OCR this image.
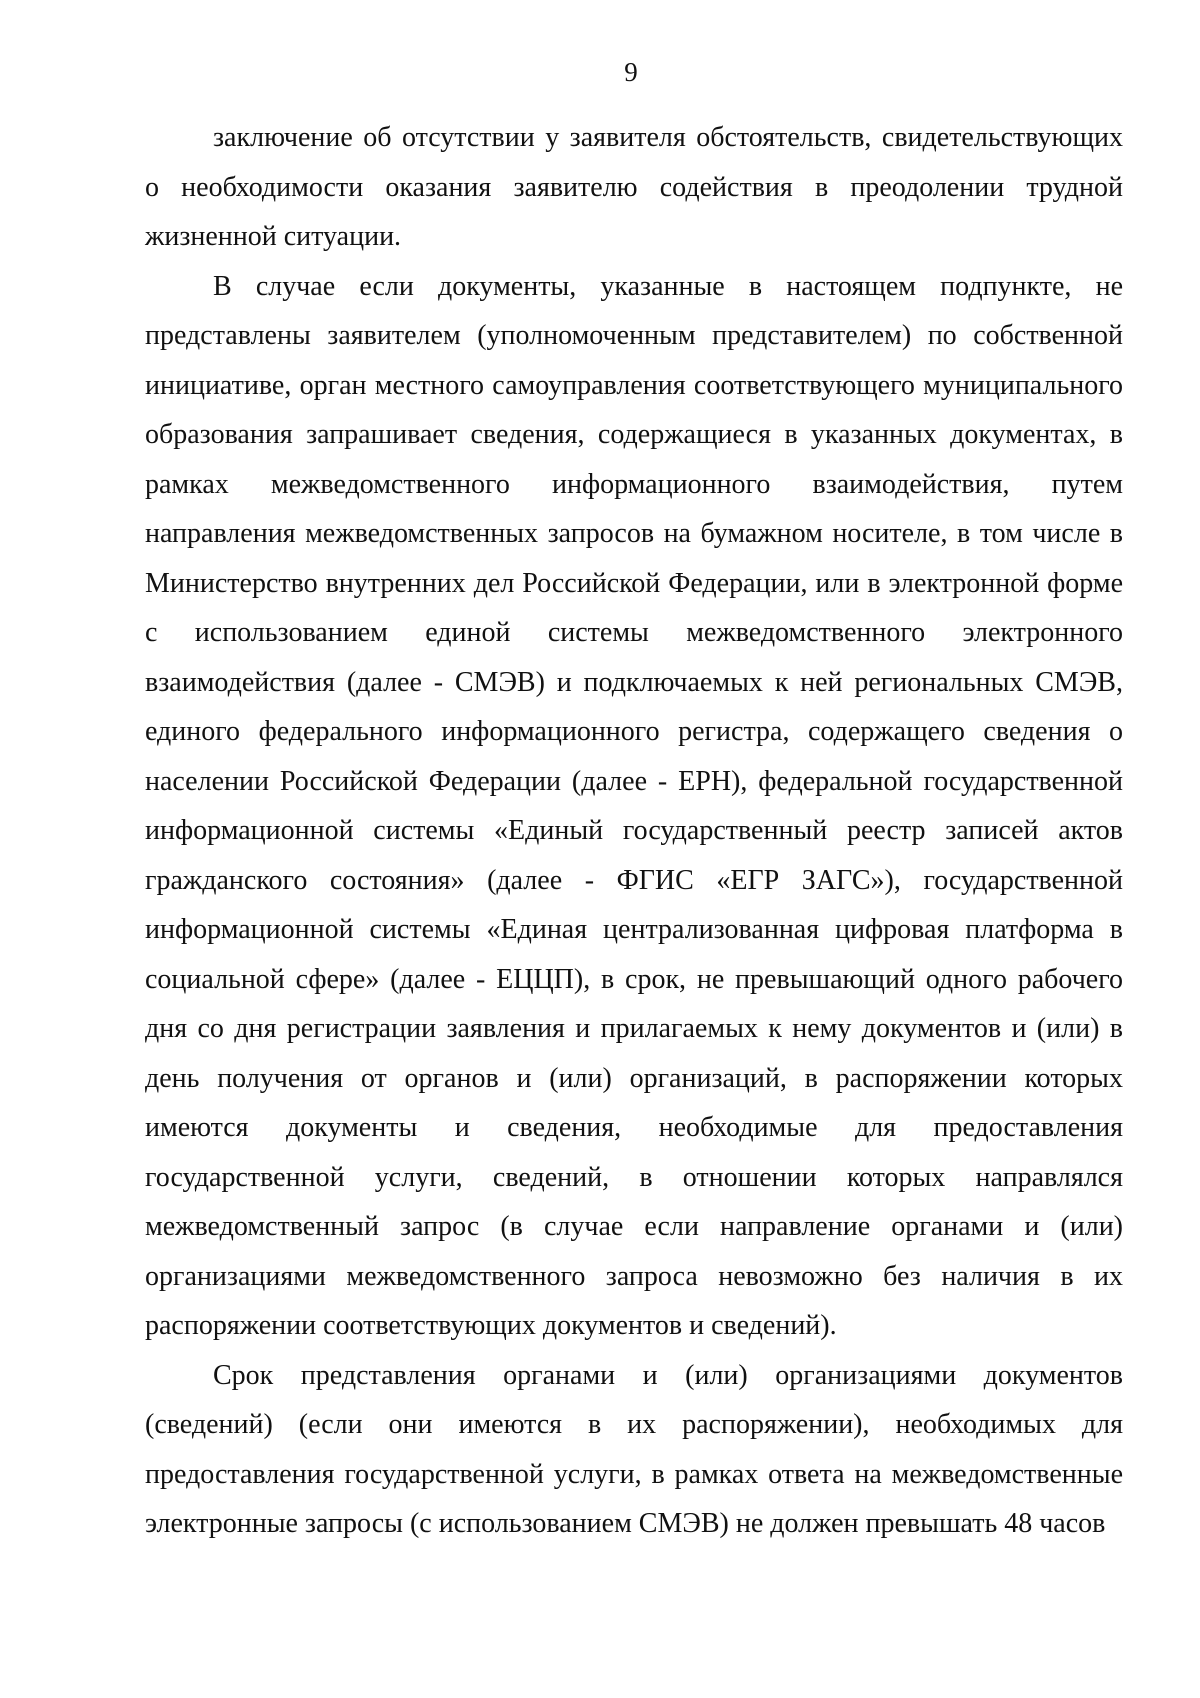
9

заключение об отсутствии у заявителя обстоятельств, свидетельствующих о необходимости оказания заявителю содействия в преодолении трудной жизненной ситуации.

В случае если документы, указанные в настоящем подпункте, не представлены заявителем (уполномоченным представителем) по собственной инициативе, орган местного самоуправления соответствующего муниципального образования запрашивает сведения, содержащиеся в указанных документах, в рамках межведомственного информационного взаимодействия, путем направления межведомственных запросов на бумажном носителе, в том числе в Министерство внутренних дел Российской Федерации, или в электронной форме с использованием единой системы межведомственного электронного взаимодействия (далее - СМЭВ) и подключаемых к ней региональных СМЭВ, единого федерального информационного регистра, содержащего сведения о населении Российской Федерации (далее - ЕРН), федеральной государственной информационной системы «Единый государственный реестр записей актов гражданского состояния» (далее - ФГИС «ЕГР ЗАГС»), государственной информационной системы «Единая централизованная цифровая платформа в социальной сфере» (далее - ЕЦЦП), в срок, не превышающий одного рабочего дня со дня регистрации заявления и прилагаемых к нему документов и (или) в день получения от органов и (или) организаций, в распоряжении которых имеются документы и сведения, необходимые для предоставления государственной услуги, сведений, в отношении которых направлялся межведомственный запрос (в случае если направление органами и (или) организациями межведомственного запроса невозможно без наличия в их распоряжении соответствующих документов и сведений).

Срок представления органами и (или) организациями документов (сведений) (если они имеются в их распоряжении), необходимых для предоставления государственной услуги, в рамках ответа на межведомственные электронные запросы (с использованием СМЭВ) не должен превышать 48 часов
